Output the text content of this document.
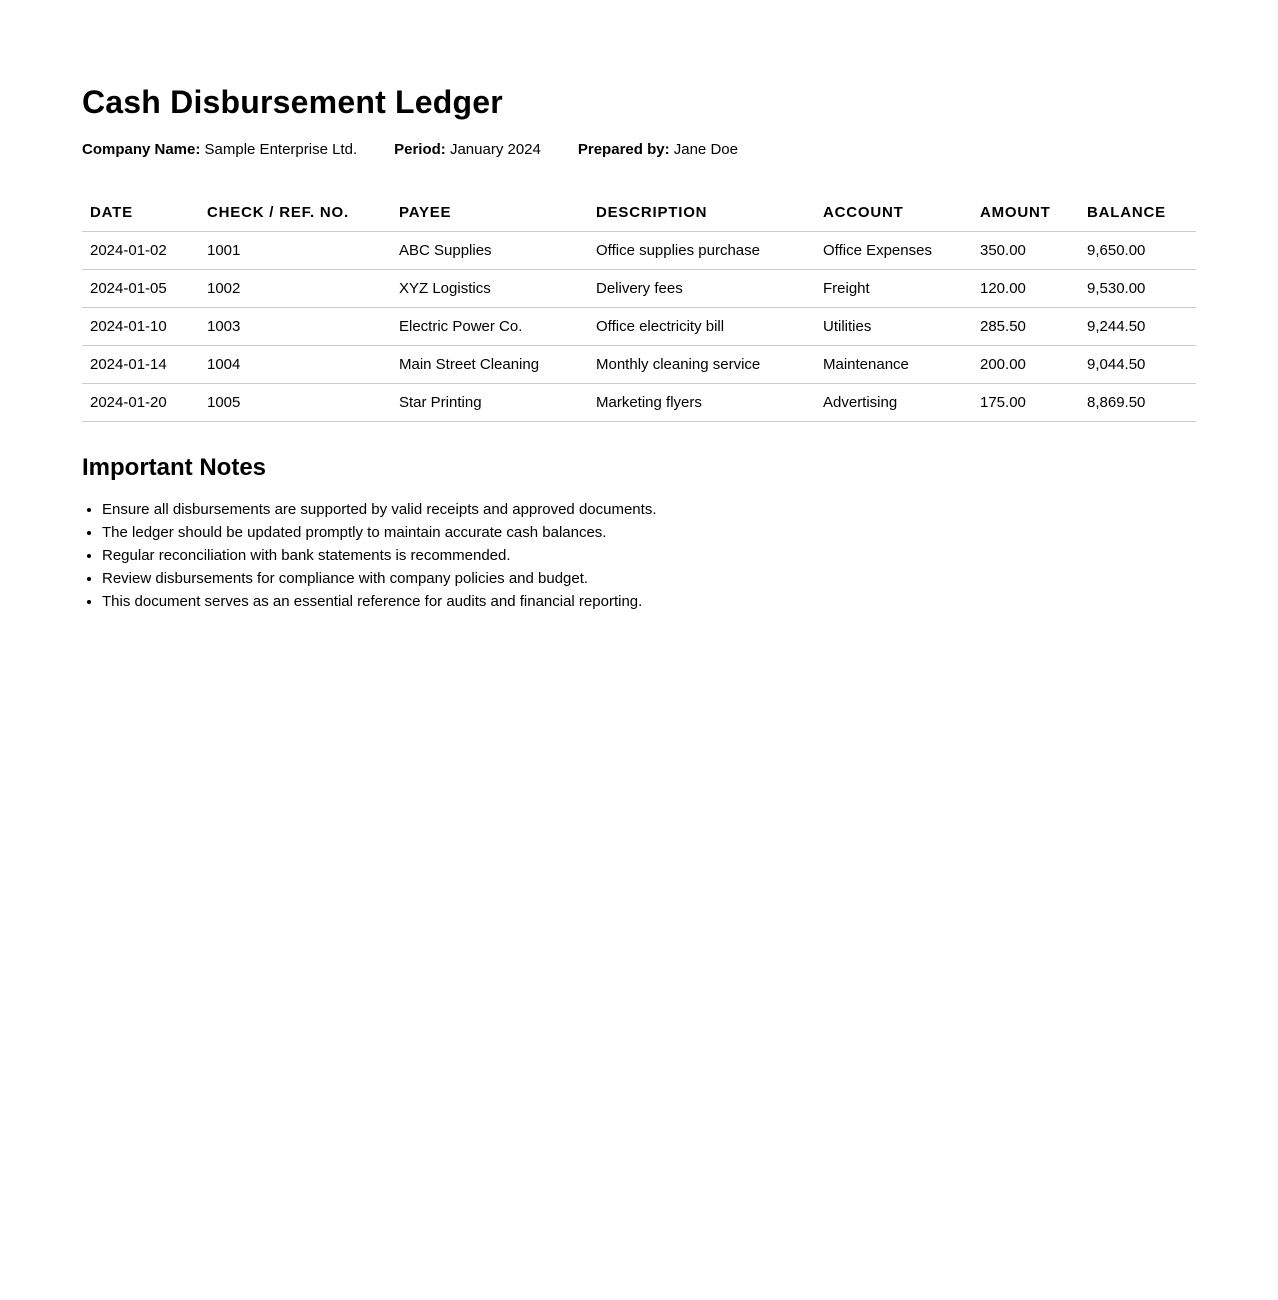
Cash Disbursement Ledger
Company Name: Sample Enterprise Ltd. Period: January 2024 Prepared by: Jane Doe
DATE	CHECK / REF. NO.	PAYEE	DESCRIPTION	ACCOUNT	AMOUNT	BALANCE
2024-01-02	1001	ABC Supplies	Office supplies purchase	Office Expenses	350.00	9,650.00
2024-01-05	1002	XYZ Logistics	Delivery fees	Freight	120.00	9,530.00
2024-01-10	1003	Electric Power Co.	Office electricity bill	Utilities	285.50	9,244.50
2024-01-14	1004	Main Street Cleaning	Monthly cleaning service	Maintenance	200.00	9,044.50
2024-01-20	1005	Star Printing	Marketing flyers	Advertising	175.00	8,869.50
Important Notes
• Ensure all disbursements are supported by valid receipts and approved documents.
• The ledger should be updated promptly to maintain accurate cash balances.
• Regular reconciliation with bank statements is recommended.
• Review disbursements for compliance with company policies and budget.
• This document serves as an essential reference for audits and financial reporting.
